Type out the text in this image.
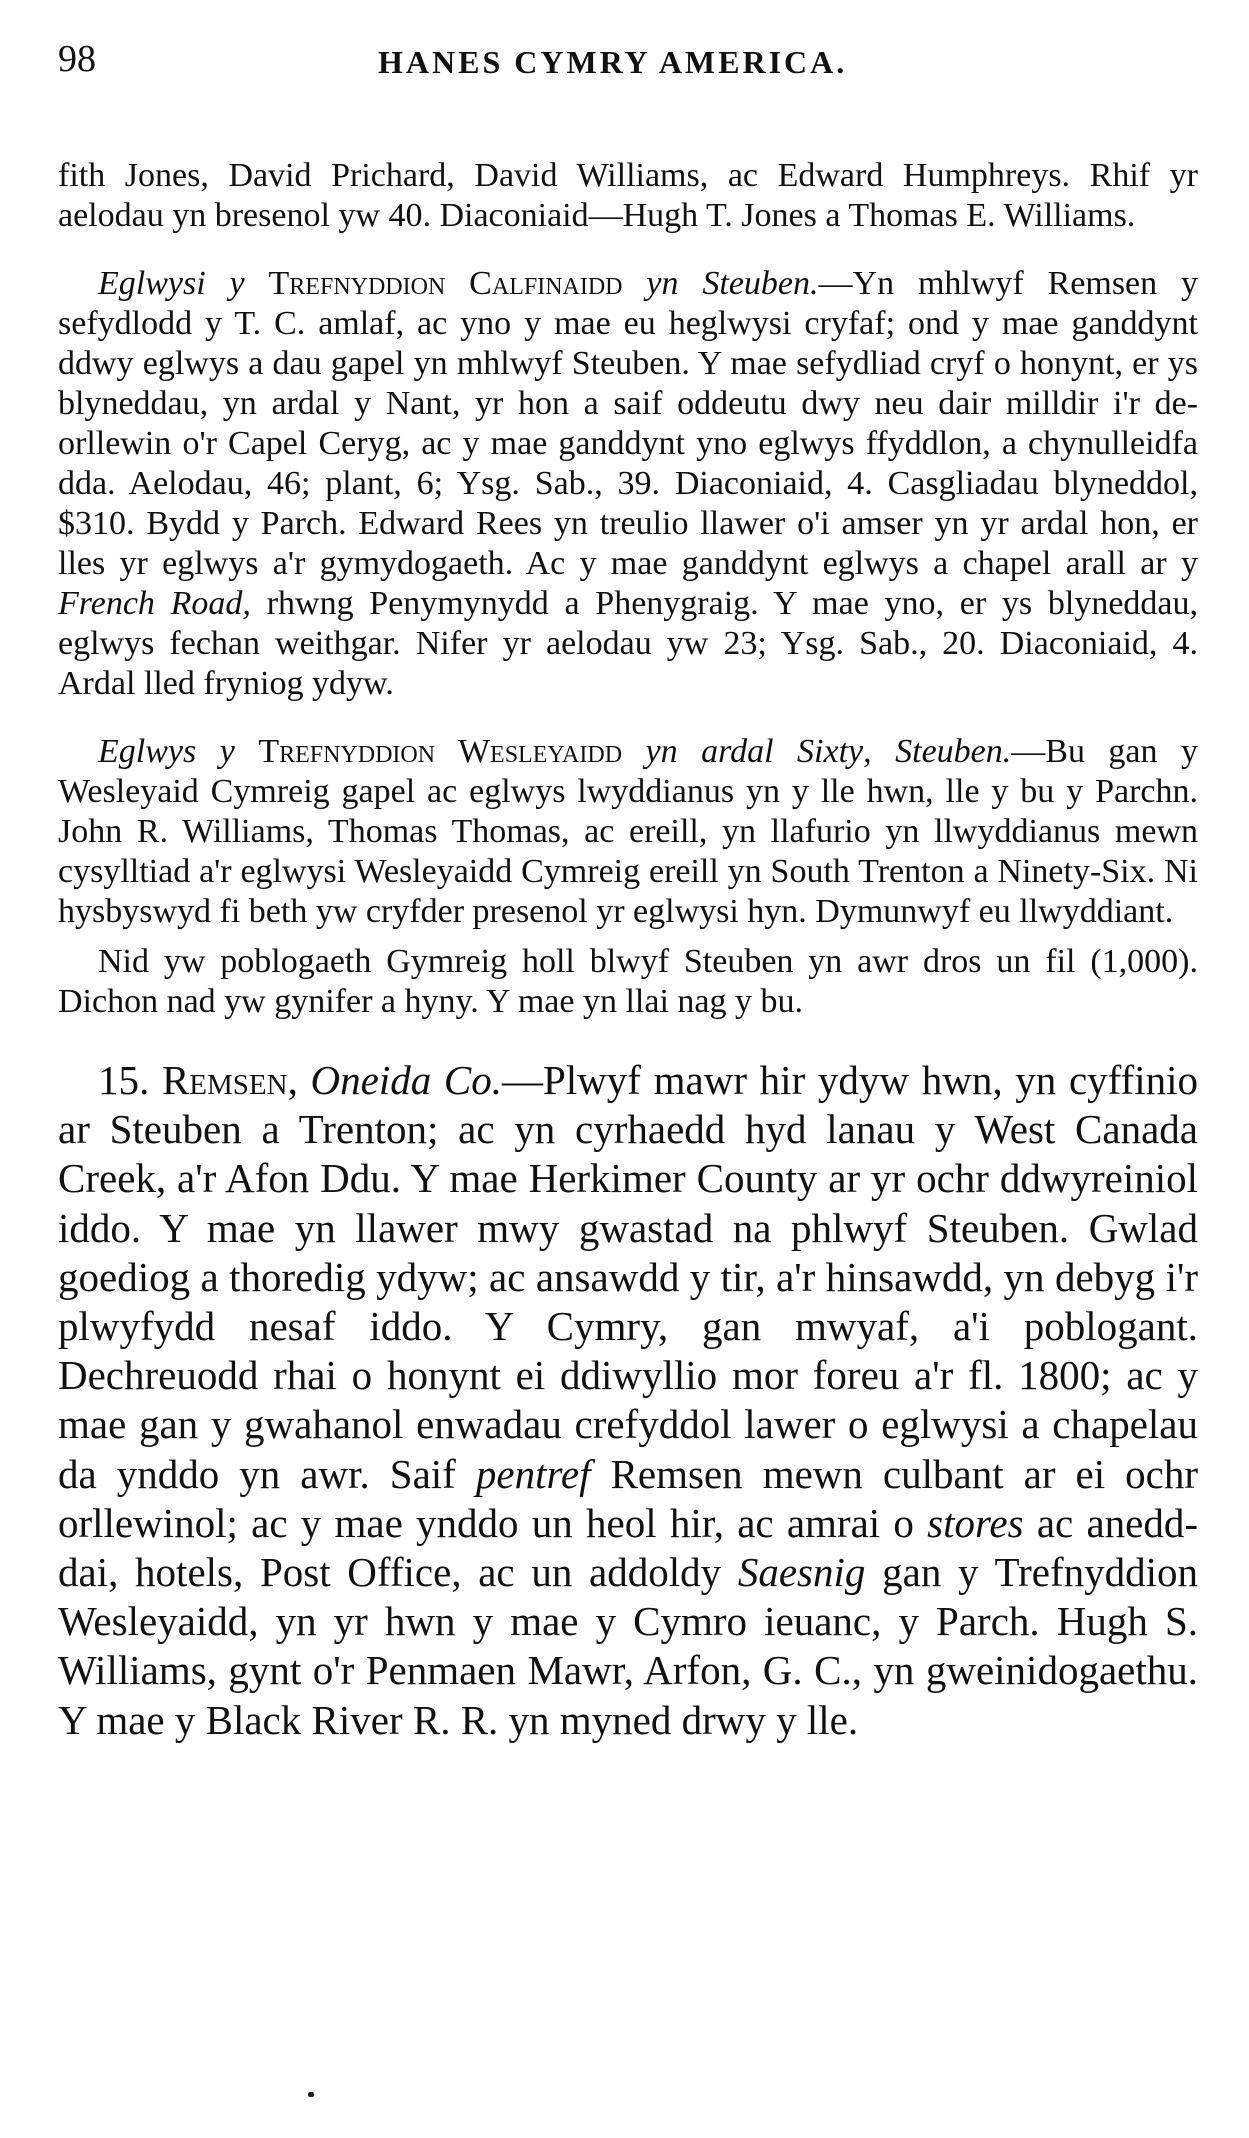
98	HANES CYMRY AMERICA.

fith Jones, David Prichard, David Williams, ac Edward Humphreys. Rhif yr aelodau yn bresenol yw 40. Diaconiaid—Hugh T. Jones a Thomas E. Williams.

Eglwysi y Trefnyddion Calfinaidd yn Steuben.—Yn mhlwyf Remsen y sefydlodd y T. C. amlaf, ac yno y mae eu heglwysi cryfaf; ond y mae ganddynt ddwy eglwys a dau gapel yn mhlwyf Steuben. Y mae sefydliad cryf o honynt, er ys blyneddau, yn ardal y Nant, yr hon a saif oddeutu dwy neu dair milldir i'r de-orllewin o'r Capel Ceryg, ac y mae ganddynt yno eglwys ffyddlon, a chynulleidfa dda. Aelodau, 46; plant, 6; Ysg. Sab., 39. Diaconiaid, 4. Casgliadau blyneddol, $310. Bydd y Parch. Edward Rees yn treulio llawer o'i amser yn yr ardal hon, er lles yr eglwys a'r gymydogaeth. Ac y mae ganddynt eglwys a chapel arall ar y French Road, rhwng Penymynydd a Phenygraig. Y mae yno, er ys blyneddau, eglwys fechan weithgar. Nifer yr aelodau yw 23; Ysg. Sab., 20. Diaconiaid, 4. Ardal lled fryniog ydyw.

Eglwys y Trefnyddion Wesleyaidd yn ardal Sixty, Steuben.—Bu gan y Wesleyaid Cymreig gapel ac eglwys lwyddianus yn y lle hwn, lle y bu y Parchn. John R. Williams, Thomas Thomas, ac ereill, yn llafurio yn llwyddianus mewn cysylltiad a'r eglwysi Wesleyaidd Cymreig ereill yn South Trenton a Ninety-Six. Ni hysbyswyd fi beth yw cryfder presenol yr eglwysi hyn. Dymunwyf eu llwyddiant.

Nid yw poblogaeth Gymreig holl blwyf Steuben yn awr dros un fil (1,000). Dichon nad yw gynifer a hyny. Y mae yn llai nag y bu.

15. Remsen, Oneida Co.—Plwyf mawr hir ydyw hwn, yn cyffinio ar Steuben a Trenton; ac yn cyrhaedd hyd lanau y West Canada Creek, a'r Afon Ddu. Y mae Herkimer County ar yr ochr ddwyreiniol iddo. Y mae yn llawer mwy gwastad na phlwyf Steuben. Gwlad goediog a thoredig ydyw; ac ansawdd y tir, a'r hinsawdd, yn debyg i'r plwyfydd nesaf iddo. Y Cymry, gan mwyaf, a'i poblogant. Dechreuodd rhai o honynt ei ddiwyllio mor foreu a'r fl. 1800; ac y mae gan y gwahanol enwadau crefyddol lawer o eglwysi a chapelau da ynddo yn awr. Saif pentref Remsen mewn culbant ar ei ochr orllewinol; ac y mae ynddo un heol hir, ac amrai o stores ac anedd-dai, hotels, Post Office, ac un addoldy Saesnig gan y Trefnyddion Wesleyaidd, yn yr hwn y mae y Cymro ieuanc, y Parch. Hugh S. Williams, gynt o'r Penmaen Mawr, Arfon, G. C., yn gweinidogaethu. Y mae y Black River R. R. yn myned drwy y lle.
